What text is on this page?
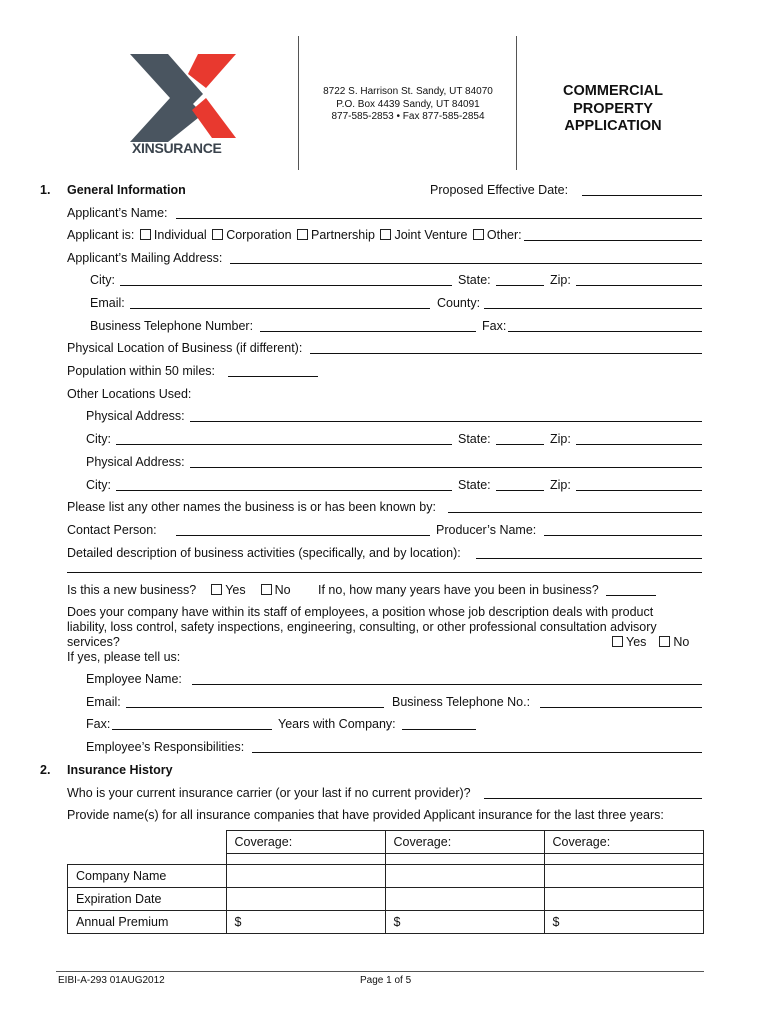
XINSURANCE
8722 S. Harrison St. Sandy, UT 84070
P.O. Box 4439 Sandy, UT 84091
877-585-2853 • Fax 877-585-2854
COMMERCIAL
PROPERTY
APPLICATION
1. General Information	Proposed Effective Date:
Applicant’s Name:
Applicant is: Individual Corporation Partnership Joint Venture Other:
Applicant’s Mailing Address:
City:	State:	Zip:
Email:	County:
Business Telephone Number:	Fax:
Physical Location of Business (if different):
Population within 50 miles:
Other Locations Used:
Physical Address:
City:	State:	Zip:
Physical Address:
City:	State:	Zip:
Please list any other names the business is or has been known by:
Contact Person:	Producer’s Name:
Detailed description of business activities (specifically, and by location):
Is this a new business? Yes No If no, how many years have you been in business?
Does your company have within its staff of employees, a position whose job description deals with product
liability, loss control, safety inspections, engineering, consulting, or other professional consultation advisory
services?	Yes No
If yes, please tell us:
Employee Name:
Email:	Business Telephone No.:
Fax:	Years with Company:
Employee’s Responsibilities:
2. Insurance History
Who is your current insurance carrier (or your last if no current provider)?
Provide name(s) for all insurance companies that have provided Applicant insurance for the last three years:
	Coverage:	Coverage:	Coverage:

Company Name			
Expiration Date			
Annual Premium	$	$	$
EIBI-A-293 01AUG2012	Page 1 of 5
